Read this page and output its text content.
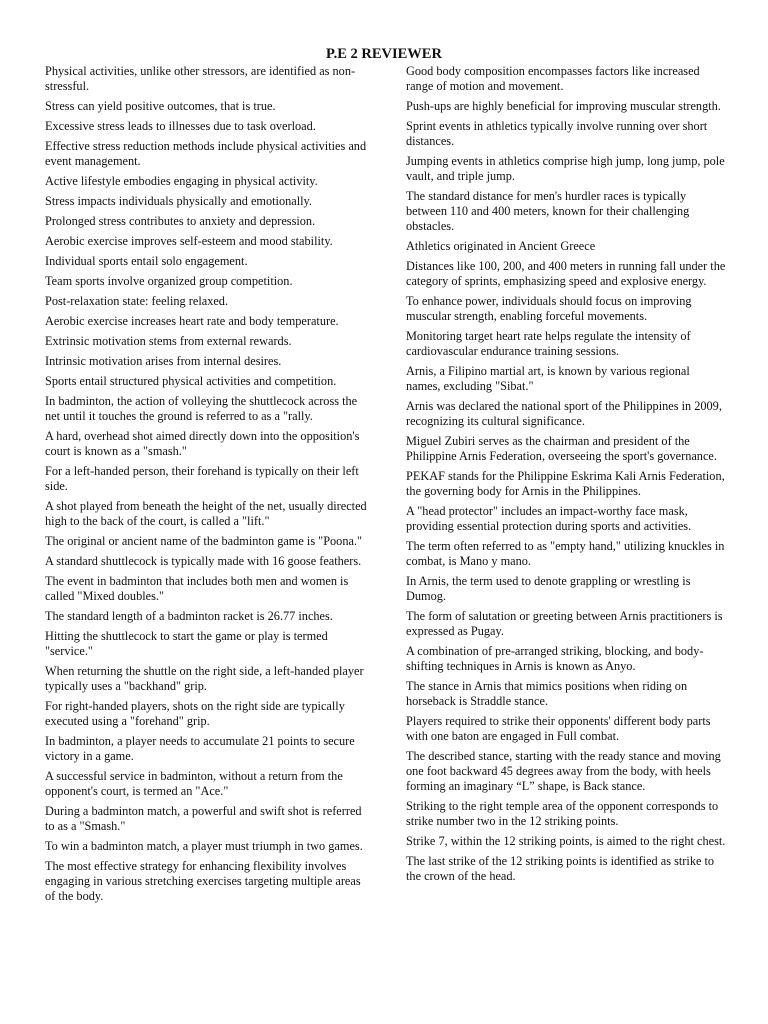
P.E 2 REVIEWER
Physical activities, unlike other stressors, are identified as non-stressful.
Stress can yield positive outcomes, that is true.
Excessive stress leads to illnesses due to task overload.
Effective stress reduction methods include physical activities and event management.
Active lifestyle embodies engaging in physical activity.
Stress impacts individuals physically and emotionally.
Prolonged stress contributes to anxiety and depression.
Aerobic exercise improves self-esteem and mood stability.
Individual sports entail solo engagement.
Team sports involve organized group competition.
Post-relaxation state: feeling relaxed.
Aerobic exercise increases heart rate and body temperature.
Extrinsic motivation stems from external rewards.
Intrinsic motivation arises from internal desires.
Sports entail structured physical activities and competition.
In badminton, the action of volleying the shuttlecock across the net until it touches the ground is referred to as a "rally.
A hard, overhead shot aimed directly down into the opposition's court is known as a "smash."
For a left-handed person, their forehand is typically on their left side.
A shot played from beneath the height of the net, usually directed high to the back of the court, is called a "lift."
The original or ancient name of the badminton game is "Poona."
A standard shuttlecock is typically made with 16 goose feathers.
The event in badminton that includes both men and women is called "Mixed doubles."
The standard length of a badminton racket is 26.77 inches.
Hitting the shuttlecock to start the game or play is termed "service."
When returning the shuttle on the right side, a left-handed player typically uses a "backhand" grip.
For right-handed players, shots on the right side are typically executed using a "forehand" grip.
In badminton, a player needs to accumulate 21 points to secure victory in a game.
A successful service in badminton, without a return from the opponent's court, is termed an "Ace."
During a badminton match, a powerful and swift shot is referred to as a "Smash."
To win a badminton match, a player must triumph in two games.
The most effective strategy for enhancing flexibility involves engaging in various stretching exercises targeting multiple areas of the body.
Good body composition encompasses factors like increased range of motion and movement.
Push-ups are highly beneficial for improving muscular strength.
Sprint events in athletics typically involve running over short distances.
Jumping events in athletics comprise high jump, long jump, pole vault, and triple jump.
The standard distance for men's hurdler races is typically between 110 and 400 meters, known for their challenging obstacles.
Athletics originated in Ancient Greece
Distances like 100, 200, and 400 meters in running fall under the category of sprints, emphasizing speed and explosive energy.
To enhance power, individuals should focus on improving muscular strength, enabling forceful movements.
Monitoring target heart rate helps regulate the intensity of cardiovascular endurance training sessions.
Arnis, a Filipino martial art, is known by various regional names, excluding "Sibat."
Arnis was declared the national sport of the Philippines in 2009, recognizing its cultural significance.
Miguel Zubiri serves as the chairman and president of the Philippine Arnis Federation, overseeing the sport's governance.
PEKAF stands for the Philippine Eskrima Kali Arnis Federation, the governing body for Arnis in the Philippines.
A "head protector" includes an impact-worthy face mask, providing essential protection during sports and activities.
The term often referred to as "empty hand," utilizing knuckles in combat, is Mano y mano.
In Arnis, the term used to denote grappling or wrestling is Dumog.
The form of salutation or greeting between Arnis practitioners is expressed as Pugay.
A combination of pre-arranged striking, blocking, and body-shifting techniques in Arnis is known as Anyo.
The stance in Arnis that mimics positions when riding on horseback is Straddle stance.
Players required to strike their opponents' different body parts with one baton are engaged in Full combat.
The described stance, starting with the ready stance and moving one foot backward 45 degrees away from the body, with heels forming an imaginary “L” shape, is Back stance.
Striking to the right temple area of the opponent corresponds to strike number two in the 12 striking points.
Strike 7, within the 12 striking points, is aimed to the right chest.
The last strike of the 12 striking points is identified as strike to the crown of the head.
